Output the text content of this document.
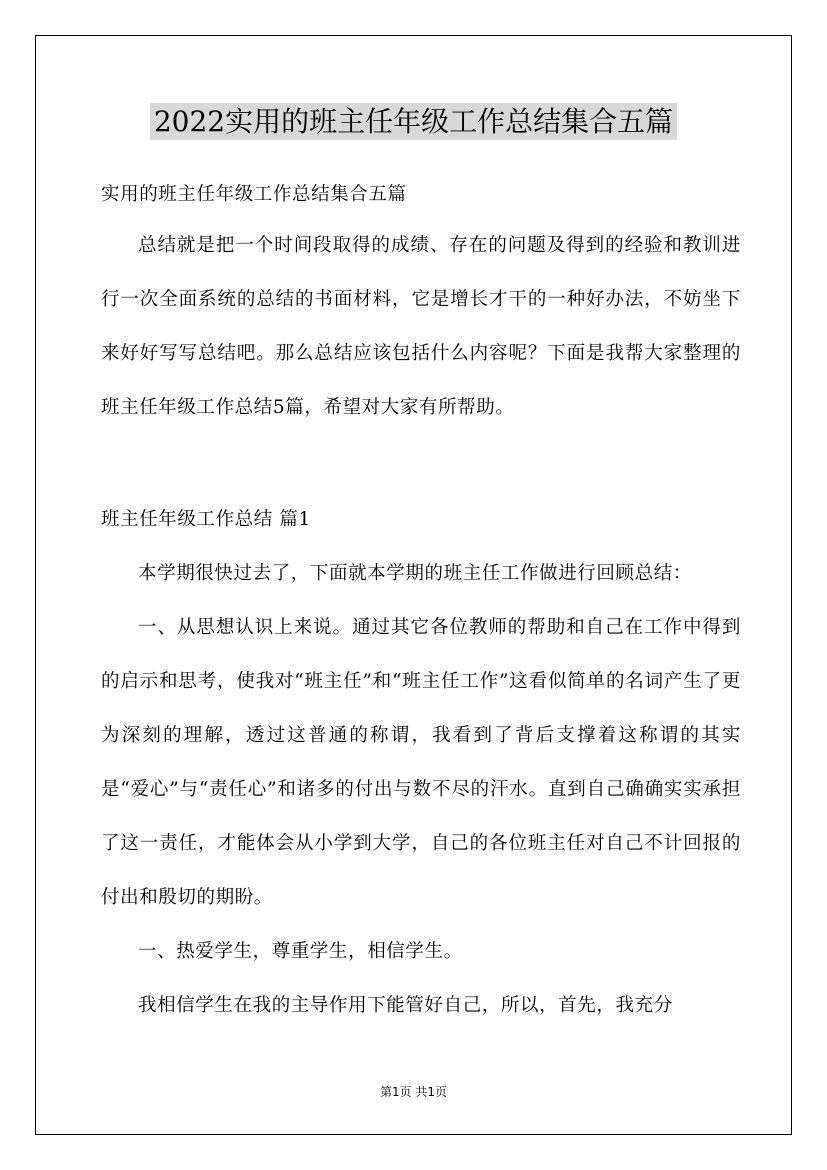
2022实用的班主任年级工作总结集合五篇
实用的班主任年级工作总结集合五篇

总结就是把一个时间段取得的成绩、存在的问题及得到的经验和教训进行一次全面系统的总结的书面材料，它是增长才干的一种好办法，不妨坐下来好好写写总结吧。那么总结应该包括什么内容呢？下面是我帮大家整理的班主任年级工作总结5篇，希望对大家有所帮助。

班主任年级工作总结 篇1

本学期很快过去了，下面就本学期的班主任工作做进行回顾总结：

一、从思想认识上来说。通过其它各位教师的帮助和自己在工作中得到的启示和思考，使我对“班主任”和“班主任工作”这看似简单的名词产生了更为深刻的理解，透过这普通的称谓，我看到了背后支撑着这称谓的其实是“爱心”与“责任心”和诸多的付出与数不尽的汗水。直到自己确确实实承担了这一责任，才能体会从小学到大学，自己的各位班主任对自己不计回报的付出和殷切的期盼。

一、热爱学生，尊重学生，相信学生。

我相信学生在我的主导作用下能管好自己，所以，首先，我充分

第1页 共1页
